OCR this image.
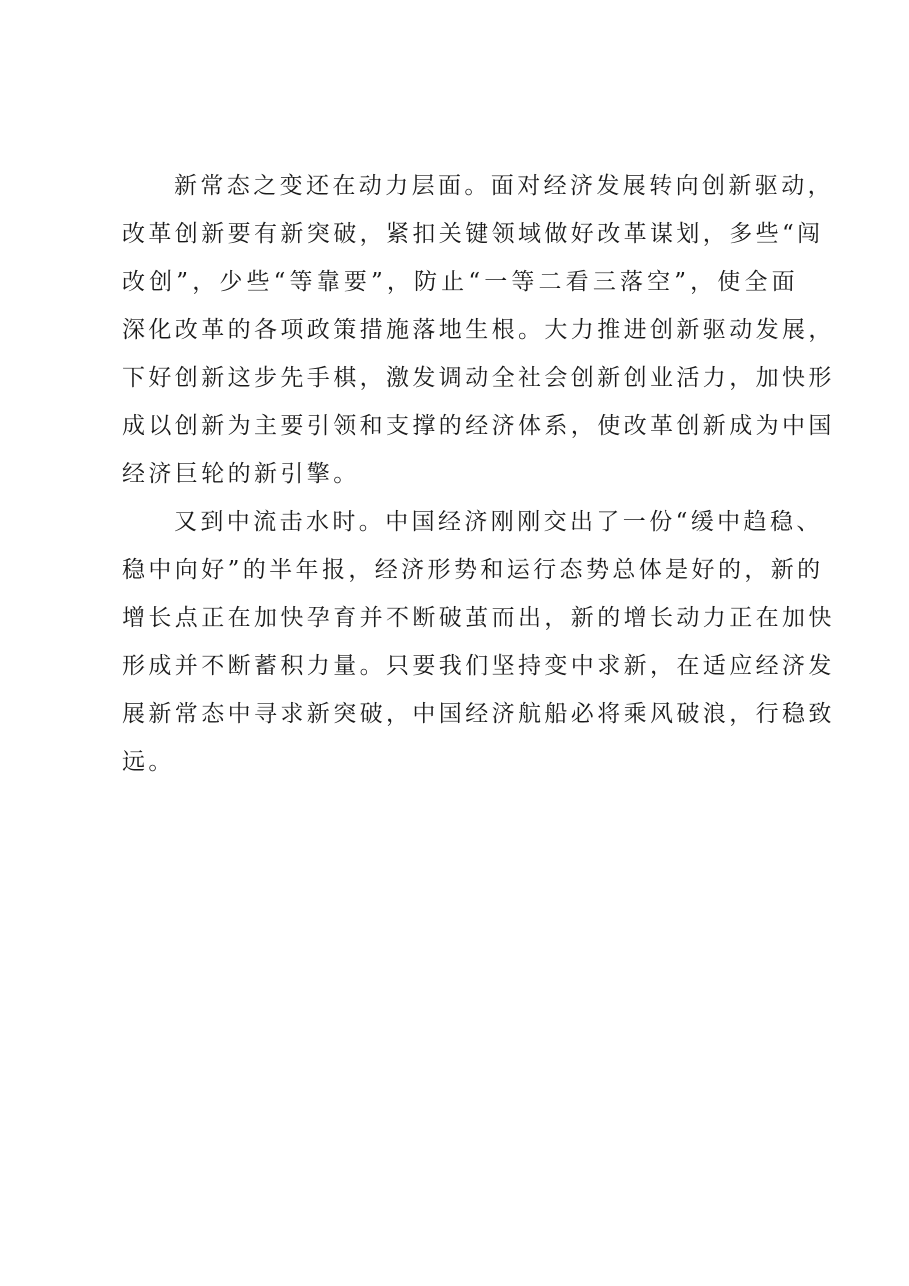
新常态之变还在动力层面。面对经济发展转向创新驱动，
改革创新要有新突破，紧扣关键领域做好改革谋划，多些“闯
改创”，少些“等靠要”，防止“一等二看三落空”，使全面
深化改革的各项政策措施落地生根。大力推进创新驱动发展，
下好创新这步先手棋，激发调动全社会创新创业活力，加快形
成以创新为主要引领和支撑的经济体系，使改革创新成为中国
经济巨轮的新引擎。
又到中流击水时。中国经济刚刚交出了一份“缓中趋稳、
稳中向好”的半年报，经济形势和运行态势总体是好的，新的
增长点正在加快孕育并不断破茧而出，新的增长动力正在加快
形成并不断蓄积力量。只要我们坚持变中求新，在适应经济发
展新常态中寻求新突破，中国经济航船必将乘风破浪，行稳致
远。
